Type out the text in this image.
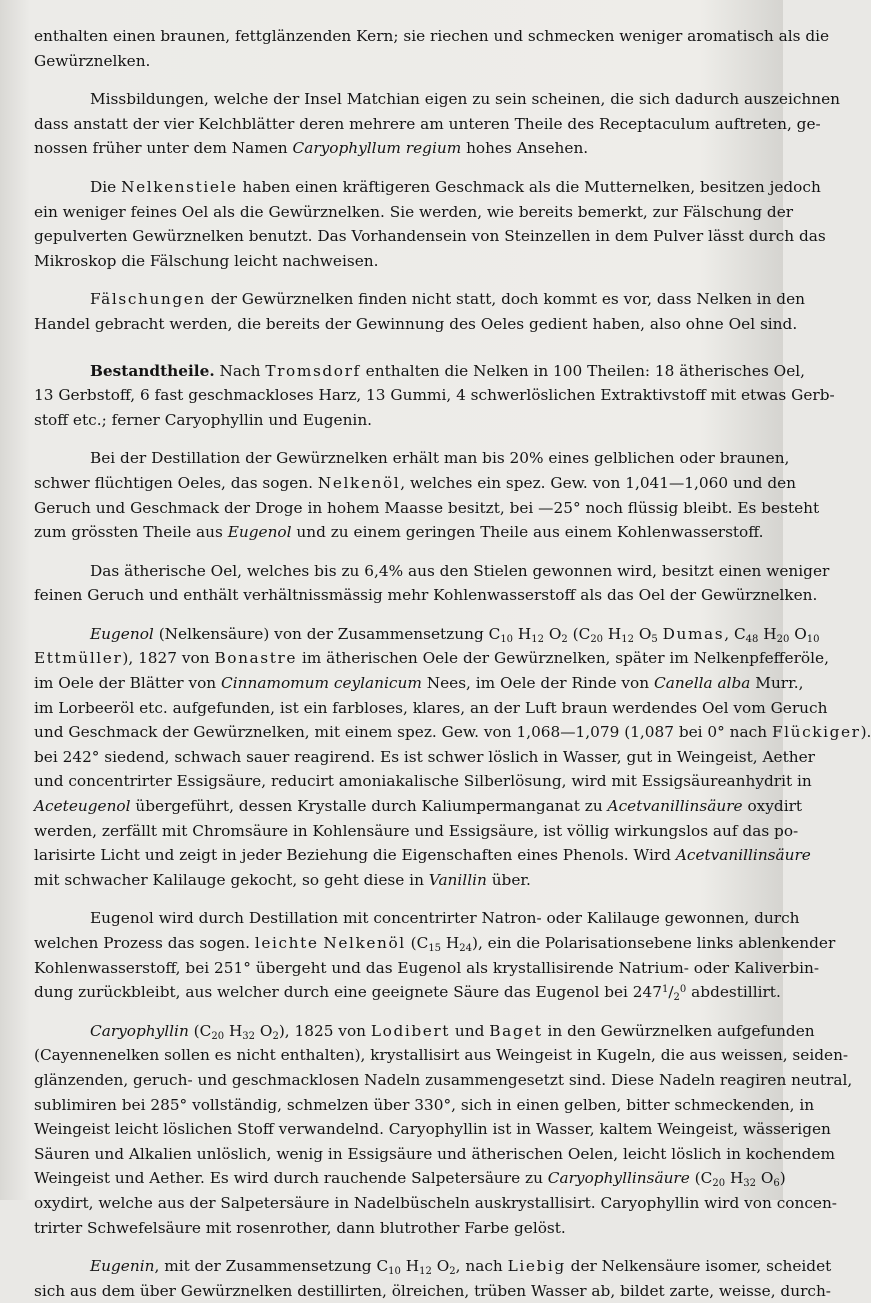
enthalten einen braunen, fettglänzenden Kern; sie riechen und schmecken weniger aromatisch als die
Gewürznelken.
Missbildungen, welche der Insel Matchian eigen zu sein scheinen, die sich dadurch auszeichnen
dass anstatt der vier Kelchblätter deren mehrere am unteren Theile des Receptaculum auftreten, ge-
nossen früher unter dem Namen Caryophyllum regium hohes Ansehen.
Die Nelkenstiele haben einen kräftigeren Geschmack als die Mutternelken, besitzen jedoch
ein weniger feines Oel als die Gewürznelken. Sie werden, wie bereits bemerkt, zur Fälschung der
gepulverten Gewürznelken benutzt. Das Vorhandensein von Steinzellen in dem Pulver lässt durch das
Mikroskop die Fälschung leicht nachweisen.
Fälschungen der Gewürznelken finden nicht statt, doch kommt es vor, dass Nelken in den
Handel gebracht werden, die bereits der Gewinnung des Oeles gedient haben, also ohne Oel sind.
Bestandtheile. Nach Tromsdorf enthalten die Nelken in 100 Theilen: 18 ätherisches Oel,
13 Gerbstoff, 6 fast geschmackloses Harz, 13 Gummi, 4 schwerlöslichen Extraktivstoff mit etwas Gerb-
stoff etc.; ferner Caryophyllin und Eugenin.
Bei der Destillation der Gewürznelken erhält man bis 20% eines gelblichen oder braunen,
schwer flüchtigen Oeles, das sogen. Nelkenöl, welches ein spez. Gew. von 1,041—1,060 und den
Geruch und Geschmack der Droge in hohem Maasse besitzt, bei —25° noch flüssig bleibt. Es besteht
zum grössten Theile aus Eugenol und zu einem geringen Theile aus einem Kohlenwasserstoff.
Das ätherische Oel, welches bis zu 6,4% aus den Stielen gewonnen wird, besitzt einen weniger
feinen Geruch und enthält verhältnissmässig mehr Kohlenwasserstoff als das Oel der Gewürznelken.
Eugenol (Nelkensäure) von der Zusammensetzung $C_{10}$ $H_{12}$ $O_2$ ($C_{20}$ $H_{12}$ $O_5$ Dumas, $C_{48}$ $H_{20}$ $O_{10}$
Ettmüller), 1827 von Bonastre im ätherischen Oele der Gewürznelken, später im Nelkenpfefferöle,
im Oele der Blätter von Cinnamomum ceylanicum Nees, im Oele der Rinde von Canella alba Murr.,
im Lorbeeröl etc. aufgefunden, ist ein farbloses, klares, an der Luft braun werdendes Oel vom Geruch
und Geschmack der Gewürznelken, mit einem spez. Gew. von 1,068—1,079 (1,087 bei 0° nach Flückiger).
bei 242° siedend, schwach sauer reagirend. Es ist schwer löslich in Wasser, gut in Weingeist, Aether
und concentrirter Essigsäure, reducirt amoniakalische Silberlösung, wird mit Essigsäureanhydrit in
Aceteugenol übergeführt, dessen Krystalle durch Kaliumpermanganat zu Acetvanillinsäure oxydirt
werden, zerfällt mit Chromsäure in Kohlensäure und Essigsäure, ist völlig wirkungslos auf das po-
larisirte Licht und zeigt in jeder Beziehung die Eigenschaften eines Phenols. Wird Acetvanillinsäure
mit schwacher Kalilauge gekocht, so geht diese in Vanillin über.
Eugenol wird durch Destillation mit concentrirter Natron- oder Kalilauge gewonnen, durch
welchen Prozess das sogen. leichte Nelkenöl ($C_{15}$ $H_{24}$), ein die Polarisationsebene links ablenkender
Kohlenwasserstoff, bei 251° übergeht und das Eugenol als krystallisirende Natrium- oder Kaliverbin-
dung zurückbleibt, aus welcher durch eine geeignete Säure das Eugenol bei $247^1/_2^0$ abdestillirt.
Caryophyllin ($C_{20}$ $H_{32}$ $O_2$), 1825 von Lodibert und Baget in den Gewürznelken aufgefunden
(Cayennenelken sollen es nicht enthalten), krystallisirt aus Weingeist in Kugeln, die aus weissen, seiden-
glänzenden, geruch- und geschmacklosen Nadeln zusammengesetzt sind. Diese Nadeln reagiren neutral,
sublimiren bei 285° vollständig, schmelzen über 330°, sich in einen gelben, bitter schmeckenden, in
Weingeist leicht löslichen Stoff verwandelnd. Caryophyllin ist in Wasser, kaltem Weingeist, wässerigen
Säuren und Alkalien unlöslich, wenig in Essigsäure und ätherischen Oelen, leicht löslich in kochendem
Weingeist und Aether. Es wird durch rauchende Salpetersäure zu Caryophyllinsäure ($C_{20}$ $H_{32}$ $O_6$)
oxydirt, welche aus der Salpetersäure in Nadelbüscheln auskrystallisirt. Caryophyllin wird von concen-
trirter Schwefelsäure mit rosenrother, dann blutrother Farbe gelöst.
Eugenin, mit der Zusammensetzung $C_{10}$ $H_{12}$ $O_2$, nach Liebig der Nelkensäure isomer, scheidet
sich aus dem über Gewürznelken destillirten, ölreichen, trüben Wasser ab, bildet zarte, weisse, durch-
